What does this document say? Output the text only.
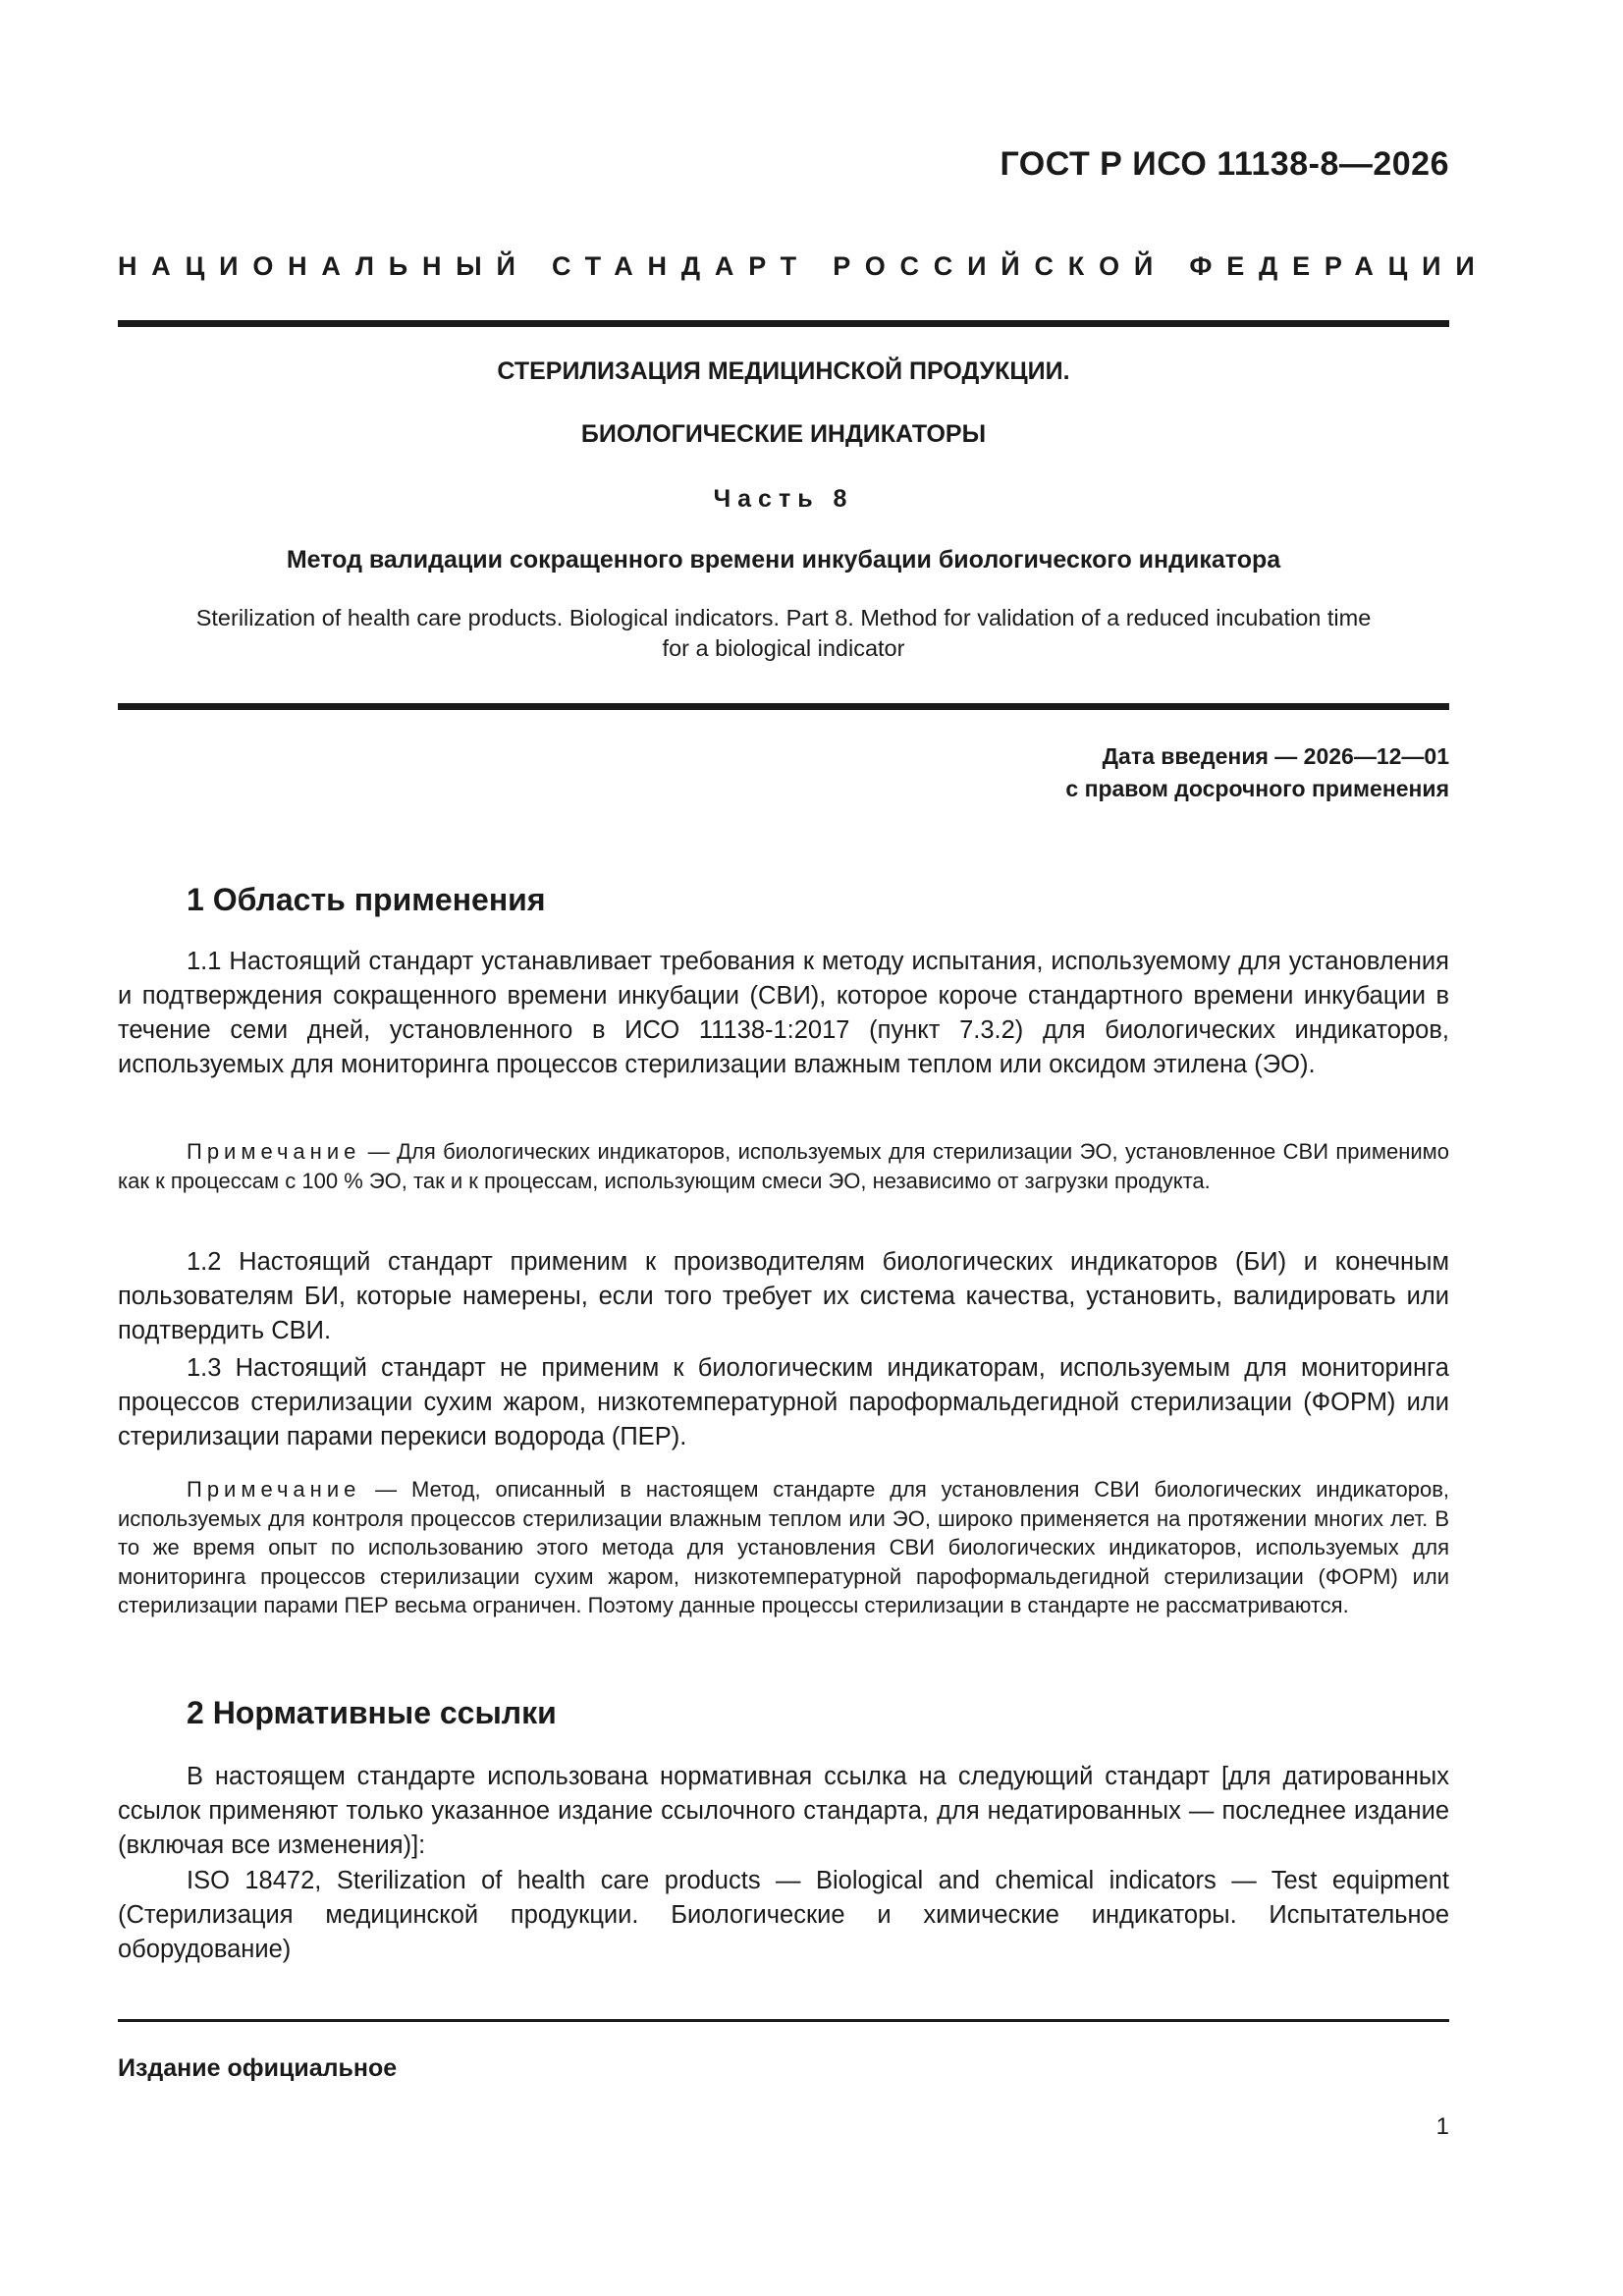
ГОСТ Р ИСО 11138-8—2026
НАЦИОНАЛЬНЫЙ СТАНДАРТ РОССИЙСКОЙ ФЕДЕРАЦИИ
СТЕРИЛИЗАЦИЯ МЕДИЦИНСКОЙ ПРОДУКЦИИ.
БИОЛОГИЧЕСКИЕ ИНДИКАТОРЫ
Часть 8
Метод валидации сокращенного времени инкубации биологического индикатора
Sterilization of health care products. Biological indicators. Part 8. Method for validation of a reduced incubation time
for a biological indicator
Дата введения — 2026—12—01
с правом досрочного применения
1 Область применения

1.1 Настоящий стандарт устанавливает требования к методу испытания, используемому для установления и подтверждения сокращенного времени инкубации (СВИ), которое короче стандартного времени инкубации в течение семи дней, установленного в ИСО 11138-1:2017 (пункт 7.3.2) для биологических индикаторов, используемых для мониторинга процессов стерилизации влажным теплом или оксидом этилена (ЭО).

Примечание — Для биологических индикаторов, используемых для стерилизации ЭО, установленное СВИ применимо как к процессам с 100 % ЭО, так и к процессам, использующим смеси ЭО, независимо от загрузки продукта.

1.2 Настоящий стандарт применим к производителям биологических индикаторов (БИ) и конечным пользователям БИ, которые намерены, если того требует их система качества, установить, валидировать или подтвердить СВИ.

1.3 Настоящий стандарт не применим к биологическим индикаторам, используемым для мониторинга процессов стерилизации сухим жаром, низкотемпературной пароформальдегидной стерилизации (ФОРМ) или стерилизации парами перекиси водорода (ПЕР).

Примечание — Метод, описанный в настоящем стандарте для установления СВИ биологических индикаторов, используемых для контроля процессов стерилизации влажным теплом или ЭО, широко применяется на протяжении многих лет. В то же время опыт по использованию этого метода для установления СВИ биологических индикаторов, используемых для мониторинга процессов стерилизации сухим жаром, низкотемпературной пароформальдегидной стерилизации (ФОРМ) или стерилизации парами ПЕР весьма ограничен. Поэтому данные процессы стерилизации в стандарте не рассматриваются.

2 Нормативные ссылки

В настоящем стандарте использована нормативная ссылка на следующий стандарт [для датированных ссылок применяют только указанное издание ссылочного стандарта, для недатированных — последнее издание (включая все изменения)]:

ISO 18472, Sterilization of health care products — Biological and chemical indicators — Test equipment (Стерилизация медицинской продукции. Биологические и химические индикаторы. Испытательное оборудование)

Издание официальное
1
